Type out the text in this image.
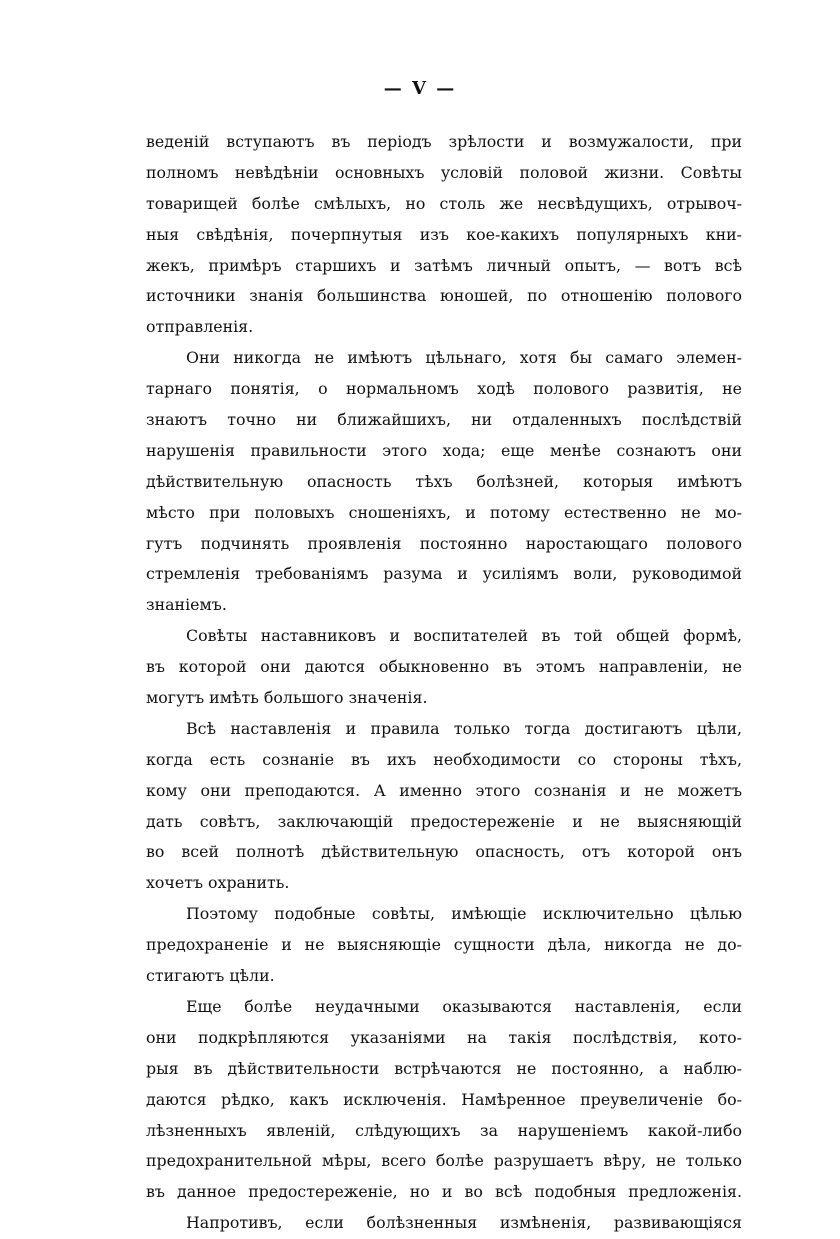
— V —
веденій вступаютъ въ періодъ зрѣлости и возмужалости, при
полномъ невѣдѣніи основныхъ условій половой жизни. Совѣты
товарищей болѣе смѣлыхъ, но столь же несвѣдущихъ, отрывоч-
ныя свѣдѣнія, почерпнутыя изъ кое-какихъ популярныхъ кни-
жекъ, примѣръ старшихъ и затѣмъ личный опытъ, — вотъ всѣ
источники знанія большинства юношей, по отношенію полового
отправленія.
Они никогда не имѣютъ цѣльнаго, хотя бы самаго элемен-
тарнаго понятія, о нормальномъ ходѣ полового развитія, не
знаютъ точно ни ближайшихъ, ни отдаленныхъ послѣдствій
нарушенія правильности этого хода; еще менѣе сознаютъ они
дѣйствительную опасность тѣхъ болѣзней, которыя имѣютъ
мѣсто при половыхъ сношеніяхъ, и потому естественно не мо-
гутъ подчинять проявленія постоянно наростающаго полового
стремленія требованіямъ разума и усиліямъ воли, руководимой
знаніемъ.
Совѣты наставниковъ и воспитателей въ той общей формѣ,
въ которой они даются обыкновенно въ этомъ направленіи, не
могутъ имѣть большого значенія.
Всѣ наставленія и правила только тогда достигаютъ цѣли,
когда есть сознаніе въ ихъ необходимости со стороны тѣхъ,
кому они преподаются. А именно этого сознанія и не можетъ
дать совѣтъ, заключающій предостереженіе и не выясняющій
во всей полнотѣ дѣйствительную опасность, отъ которой онъ
хочетъ охранить.
Поэтому подобные совѣты, имѣющіе исключительно цѣлью
предохраненіе и не выясняющіе сущности дѣла, никогда не до-
стигаютъ цѣли.
Еще болѣе неудачными оказываются наставленія, если
они подкрѣпляются указаніями на такія послѣдствія, кото-
рыя въ дѣйствительности встрѣчаются не постоянно, а наблю-
даются рѣдко, какъ исключенія. Намѣренное преувеличеніе бо-
лѣзненныхъ явленій, слѣдующихъ за нарушеніемъ какой-либо
предохранительной мѣры, всего болѣе разрушаетъ вѣру, не только
въ данное предостереженіе, но и во всѣ подобныя предложенія.
Напротивъ, если болѣзненныя измѣненія, развивающіяся
